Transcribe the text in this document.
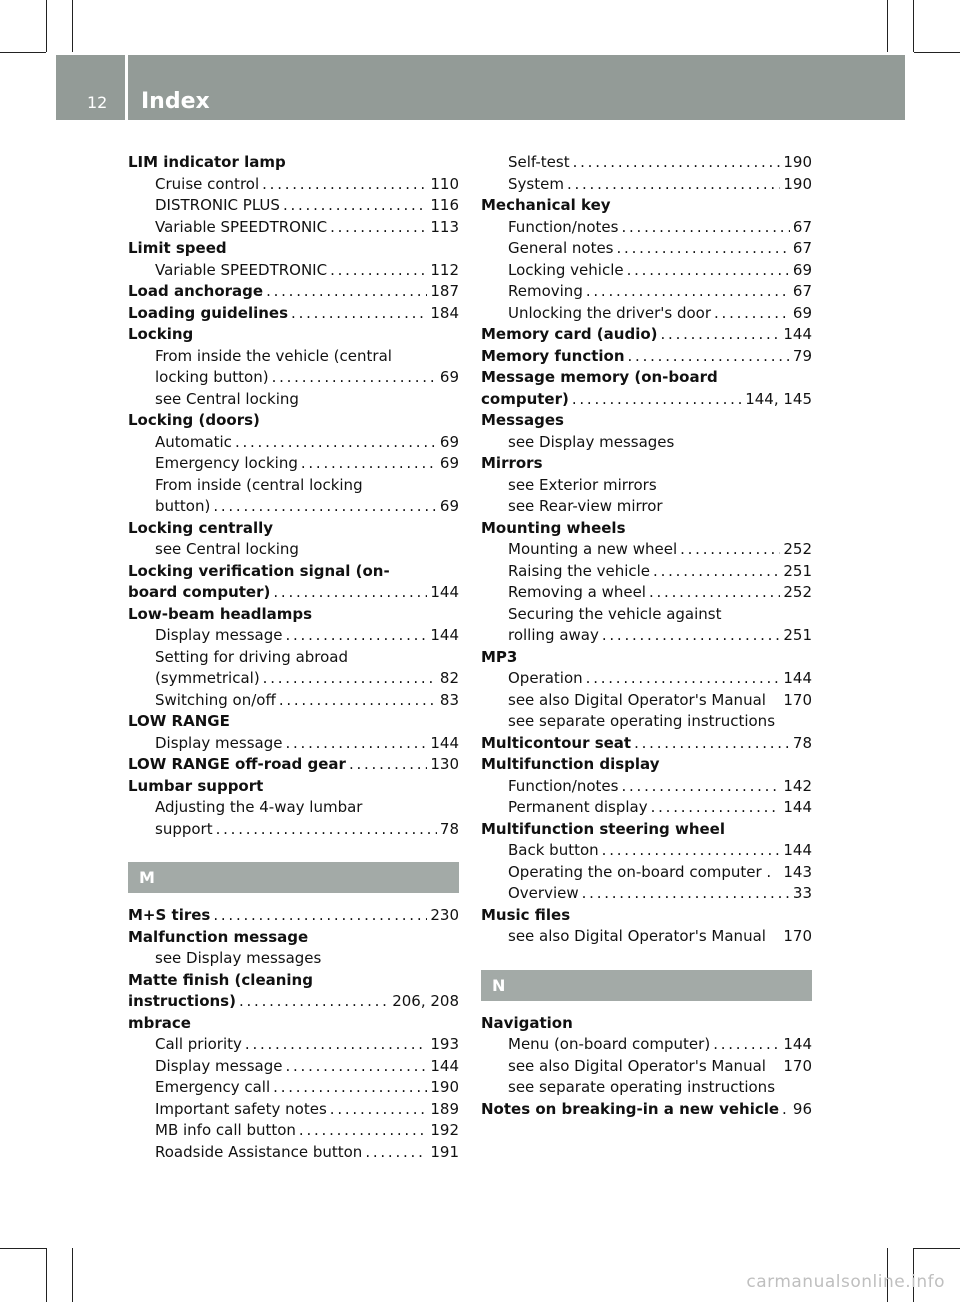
12 Index
LIM indicator lamp
Cruise control . . .	110
DISTRONIC PLUS . . .	116
Variable SPEEDTRONIC . . .	113
Limit speed
Variable SPEEDTRONIC . . .	112
Load anchorage . . .	187
Loading guidelines . . .	184
Locking
From inside the vehicle (central
locking button) . . .	69
see Central locking
Locking (doors)
Automatic . . .	69
Emergency locking . . .	69
From inside (central locking
button) . . .	69
Locking centrally
see Central locking
Locking verification signal (on-
board computer) . . .	144
Low-beam headlamps
Display message . . .	144
Setting for driving abroad
(symmetrical) . . .	82
Switching on/off . . .	83
LOW RANGE
Display message . . .	144
LOW RANGE off-road gear . . .	130
Lumbar support
Adjusting the 4-way lumbar
support . . .	78
M
M+S tires . . .	230
Malfunction message
see Display messages
Matte finish (cleaning
instructions) . . .	206, 208
mbrace
Call priority . . .	193
Display message . . .	144
Emergency call . . .	190
Important safety notes . . .	189
MB info call button . . .	192
Roadside Assistance button . . .	191
Self-test . . .	190
System . . .	190
Mechanical key
Function/notes . . .	67
General notes . . .	67
Locking vehicle . . .	69
Removing . . .	67
Unlocking the driver's door . . .	69
Memory card (audio) . . .	144
Memory function . . .	79
Message memory (on-board
computer) . . .	144, 145
Messages
see Display messages
Mirrors
see Exterior mirrors
see Rear-view mirror
Mounting wheels
Mounting a new wheel . . .	252
Raising the vehicle . . .	251
Removing a wheel . . .	252
Securing the vehicle against
rolling away . . .	251
MP3
Operation . . .	144
see also Digital Operator's Manual 170
see separate operating instructions
Multicontour seat . . .	78
Multifunction display
Function/notes . . .	142
Permanent display . . .	144
Multifunction steering wheel
Back button . . .	144
Operating the on-board computer . 143
Overview . . .	33
Music files
see also Digital Operator's Manual 170
N
Navigation
Menu (on-board computer) . . .	144
see also Digital Operator's Manual 170
see separate operating instructions
Notes on breaking-in a new vehicle . . . 96
carmanualsonline.info
